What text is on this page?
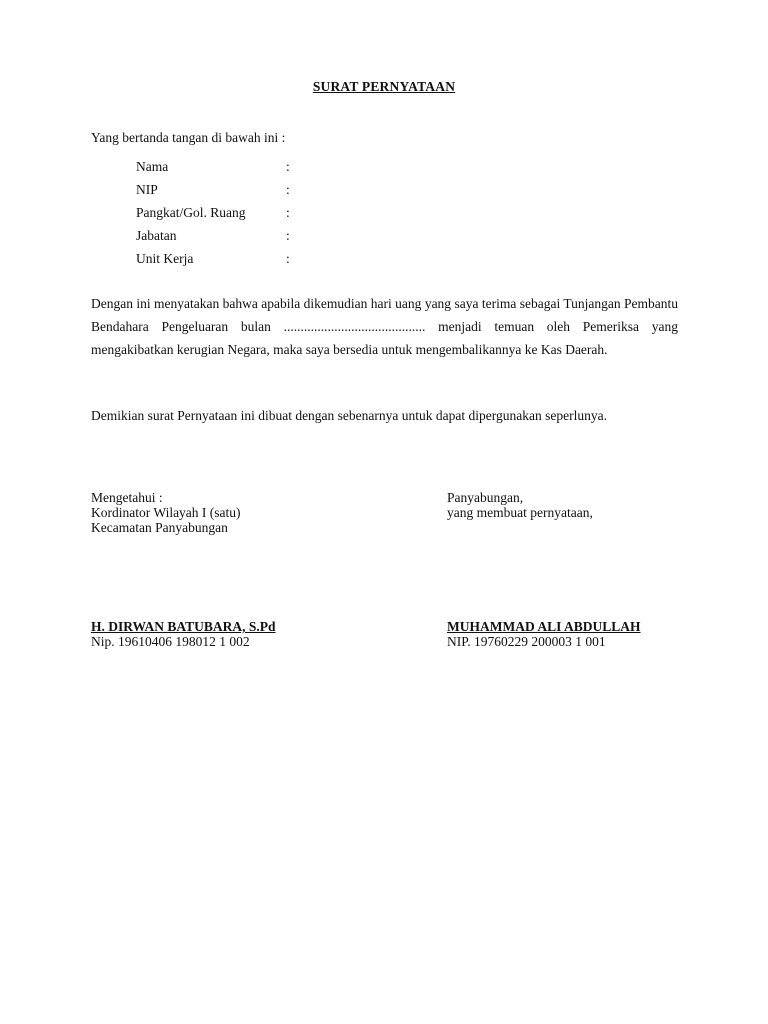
SURAT PERNYATAAN
Yang bertanda tangan di bawah ini :
Nama	:
NIP	:
Pangkat/Gol. Ruang	:
Jabatan	:
Unit Kerja	:
Dengan ini menyatakan bahwa apabila dikemudian hari uang yang saya terima sebagai Tunjangan Pembantu Bendahara Pengeluaran bulan .......................................... menjadi temuan oleh Pemeriksa yang mengakibatkan kerugian Negara, maka saya bersedia untuk mengembalikannya ke Kas Daerah.
Demikian surat Pernyataan ini dibuat dengan sebenarnya untuk dapat dipergunakan seperlunya.
Mengetahui :
Kordinator Wilayah I (satu)
Kecamatan Panyabungan
Panyabungan,
yang membuat pernyataan,
H. DIRWAN BATUBARA, S.Pd
Nip. 19610406 198012 1 002
MUHAMMAD ALI ABDULLAH
NIP. 19760229 200003 1 001
